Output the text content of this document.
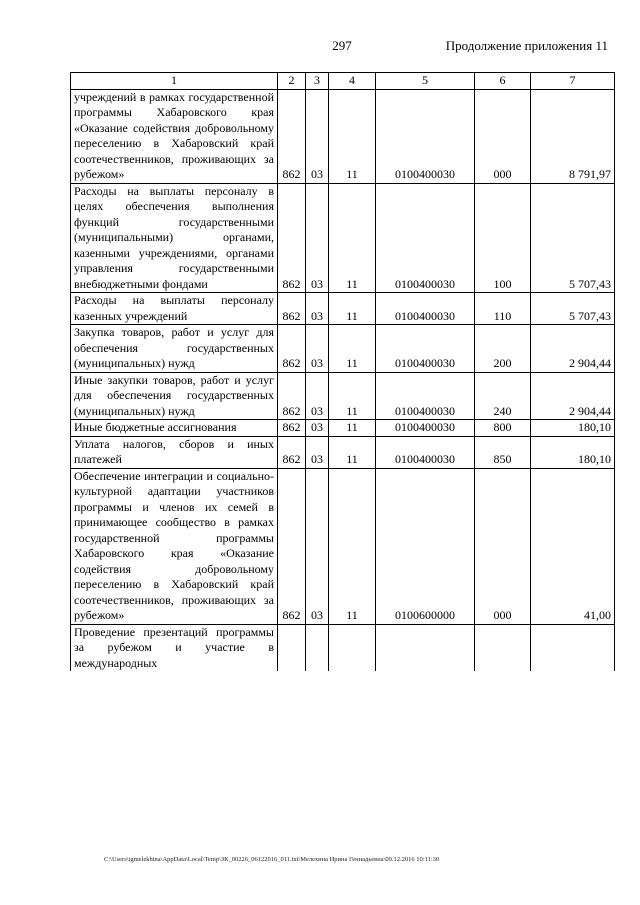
297	Продолжение приложения 11
1	2	3	4	5	6	7
учреждений в рамках государственной программы Хабаровского края «Оказание содействия добровольному переселению в Хабаровский край соотечественников, проживающих за рубежом»	862	03	11	0100400030	000	8 791,97
Расходы на выплаты персоналу в целях обеспечения выполнения функций государственными (муниципальными) органами, казенными учреждениями, органами управления государственными внебюджетными фондами	862	03	11	0100400030	100	5 707,43
Расходы на выплаты персоналу казенных учреждений	862	03	11	0100400030	110	5 707,43
Закупка товаров, работ и услуг для обеспечения государственных (муниципальных) нужд	862	03	11	0100400030	200	2 904,44
Иные закупки товаров, работ и услуг для обеспечения государственных (муниципальных) нужд	862	03	11	0100400030	240	2 904,44
Иные бюджетные ассигнования	862	03	11	0100400030	800	180,10
Уплата налогов, сборов и иных платежей	862	03	11	0100400030	850	180,10
Обеспечение интеграции и социально-культурной адаптации участников программы и членов их семей в принимающее сообщество в рамках государственной программы Хабаровского края «Оказание содействия добровольному переселению в Хабаровский край соотечественников, проживающих за рубежом»	862	03	11	0100600000	000	41,00
Проведение презентаций программы за рубежом и участие в международных						
C:\Users\igmelekhina\AppData\Local\Temp\ЗК_00226_06122016_011.txt\Мелехина Ирина Геннадьевна\09.12.2016 10:11:30
